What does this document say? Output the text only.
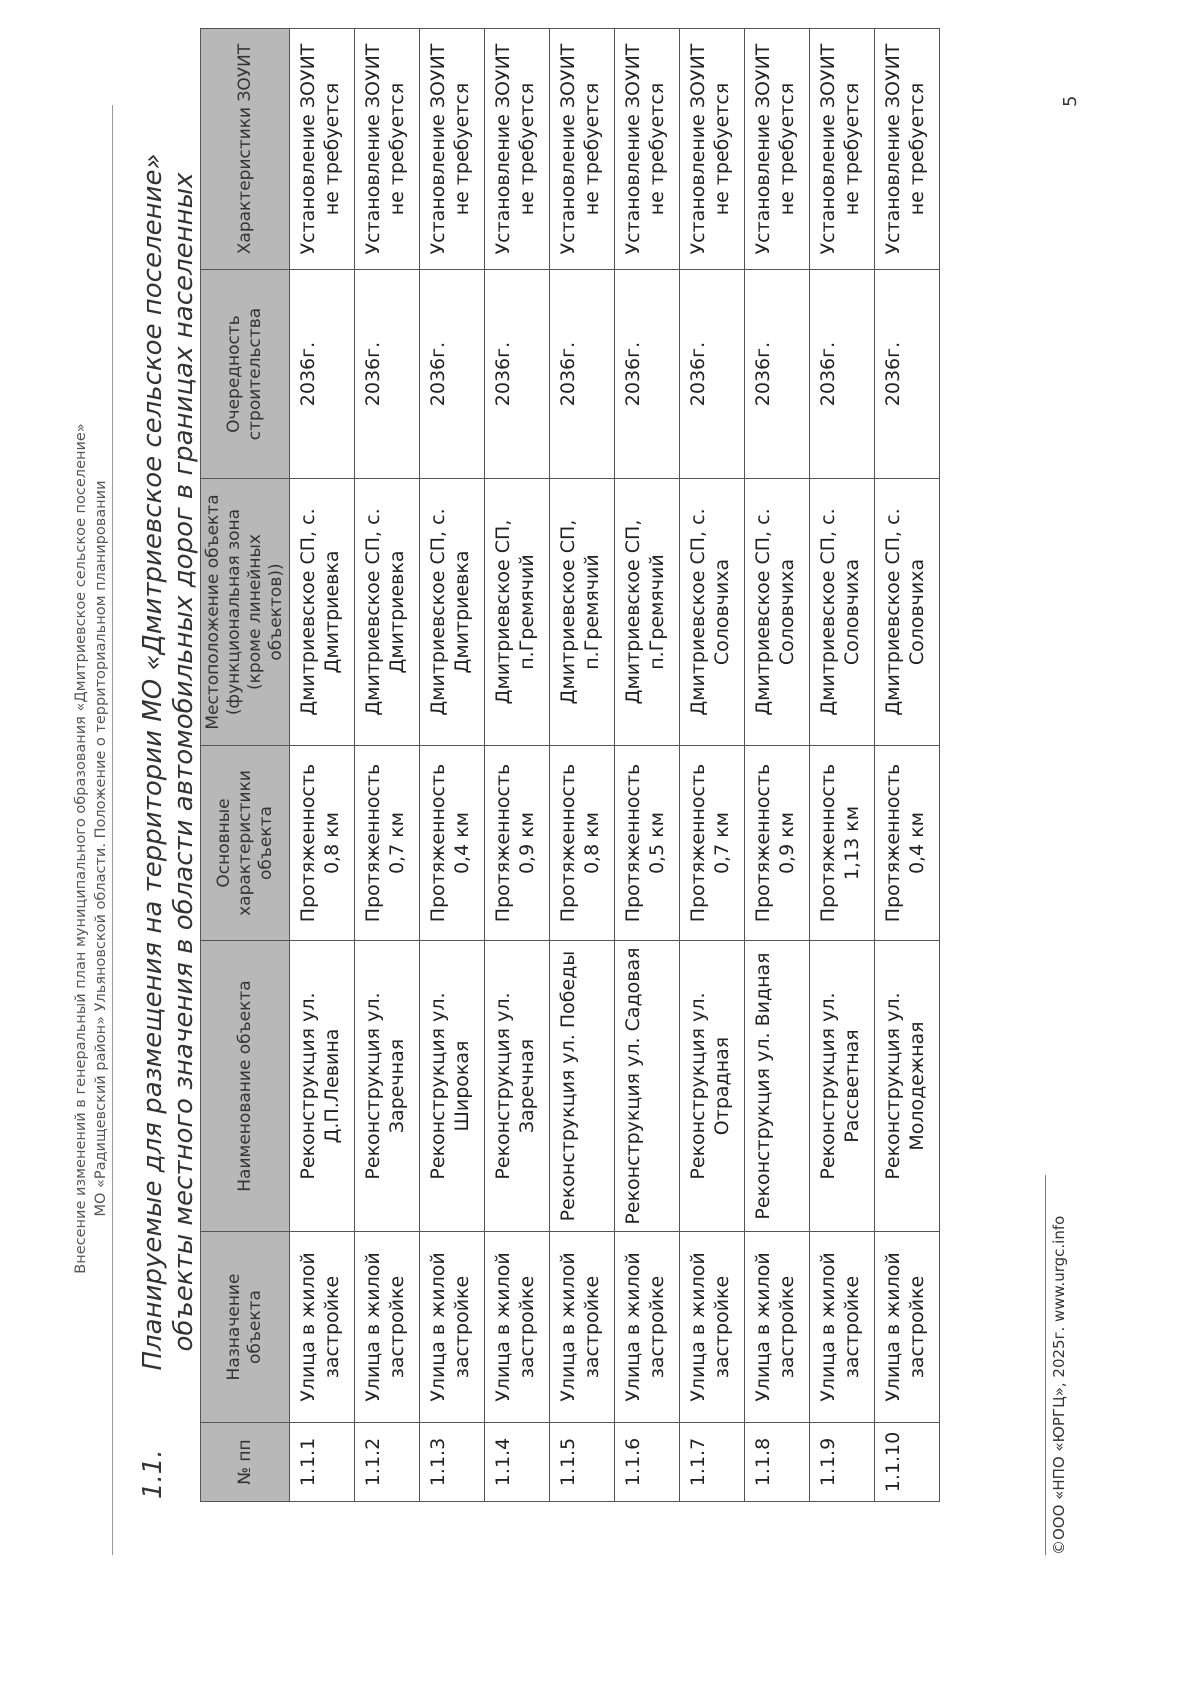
Внесение изменений в генеральный план муниципального образования «Дмитриевское сельское поселение» МО «Радищевский район» Ульяновской области. Положение о территориальном планировании
1.1.
Планируемые для размещения на территории МО «Дмитриевское сельское поселение» объекты местного значения в области автомобильных дорог в границах населенных
№ пп	Назначение объекта	Наименование объекта	Основные характеристики объекта	Местоположение объекта (функциональная зона (кроме линейных объектов))	Очередность строительства	Характеристики ЗОУИТ
1.1.1	Улица в жилой застройке	Реконструкция ул. Д.П.Левина	Протяженность 0,8 км	Дмитриевское СП, с. Дмитриевка	2036г.	Установление ЗОУИТ не требуется
1.1.2	Улица в жилой застройке	Реконструкция ул. Заречная	Протяженность 0,7 км	Дмитриевское СП, с. Дмитриевка	2036г.	Установление ЗОУИТ не требуется
1.1.3	Улица в жилой застройке	Реконструкция ул. Широкая	Протяженность 0,4 км	Дмитриевское СП, с. Дмитриевка	2036г.	Установление ЗОУИТ не требуется
1.1.4	Улица в жилой застройке	Реконструкция ул. Заречная	Протяженность 0,9 км	Дмитриевское СП, п.Гремячий	2036г.	Установление ЗОУИТ не требуется
1.1.5	Улица в жилой застройке	Реконструкция ул. Победы	Протяженность 0,8 км	Дмитриевское СП, п.Гремячий	2036г.	Установление ЗОУИТ не требуется
1.1.6	Улица в жилой застройке	Реконструкция ул. Садовая	Протяженность 0,5 км	Дмитриевское СП, п.Гремячий	2036г.	Установление ЗОУИТ не требуется
1.1.7	Улица в жилой застройке	Реконструкция ул. Отрадная	Протяженность 0,7 км	Дмитриевское СП, с. Соловчиха	2036г.	Установление ЗОУИТ не требуется
1.1.8	Улица в жилой застройке	Реконструкция ул. Видная	Протяженность 0,9 км	Дмитриевское СП, с. Соловчиха	2036г.	Установление ЗОУИТ не требуется
1.1.9	Улица в жилой застройке	Реконструкция ул. Рассветная	Протяженность 1,13 км	Дмитриевское СП, с. Соловчиха	2036г.	Установление ЗОУИТ не требуется
1.1.10	Улица в жилой застройке	Реконструкция ул. Молодежная	Протяженность 0,4 км	Дмитриевское СП, с. Соловчиха	2036г.	Установление ЗОУИТ не требуется
©ООО «НПО «ЮРГЦ», 2025г. www.urgc.info
5
